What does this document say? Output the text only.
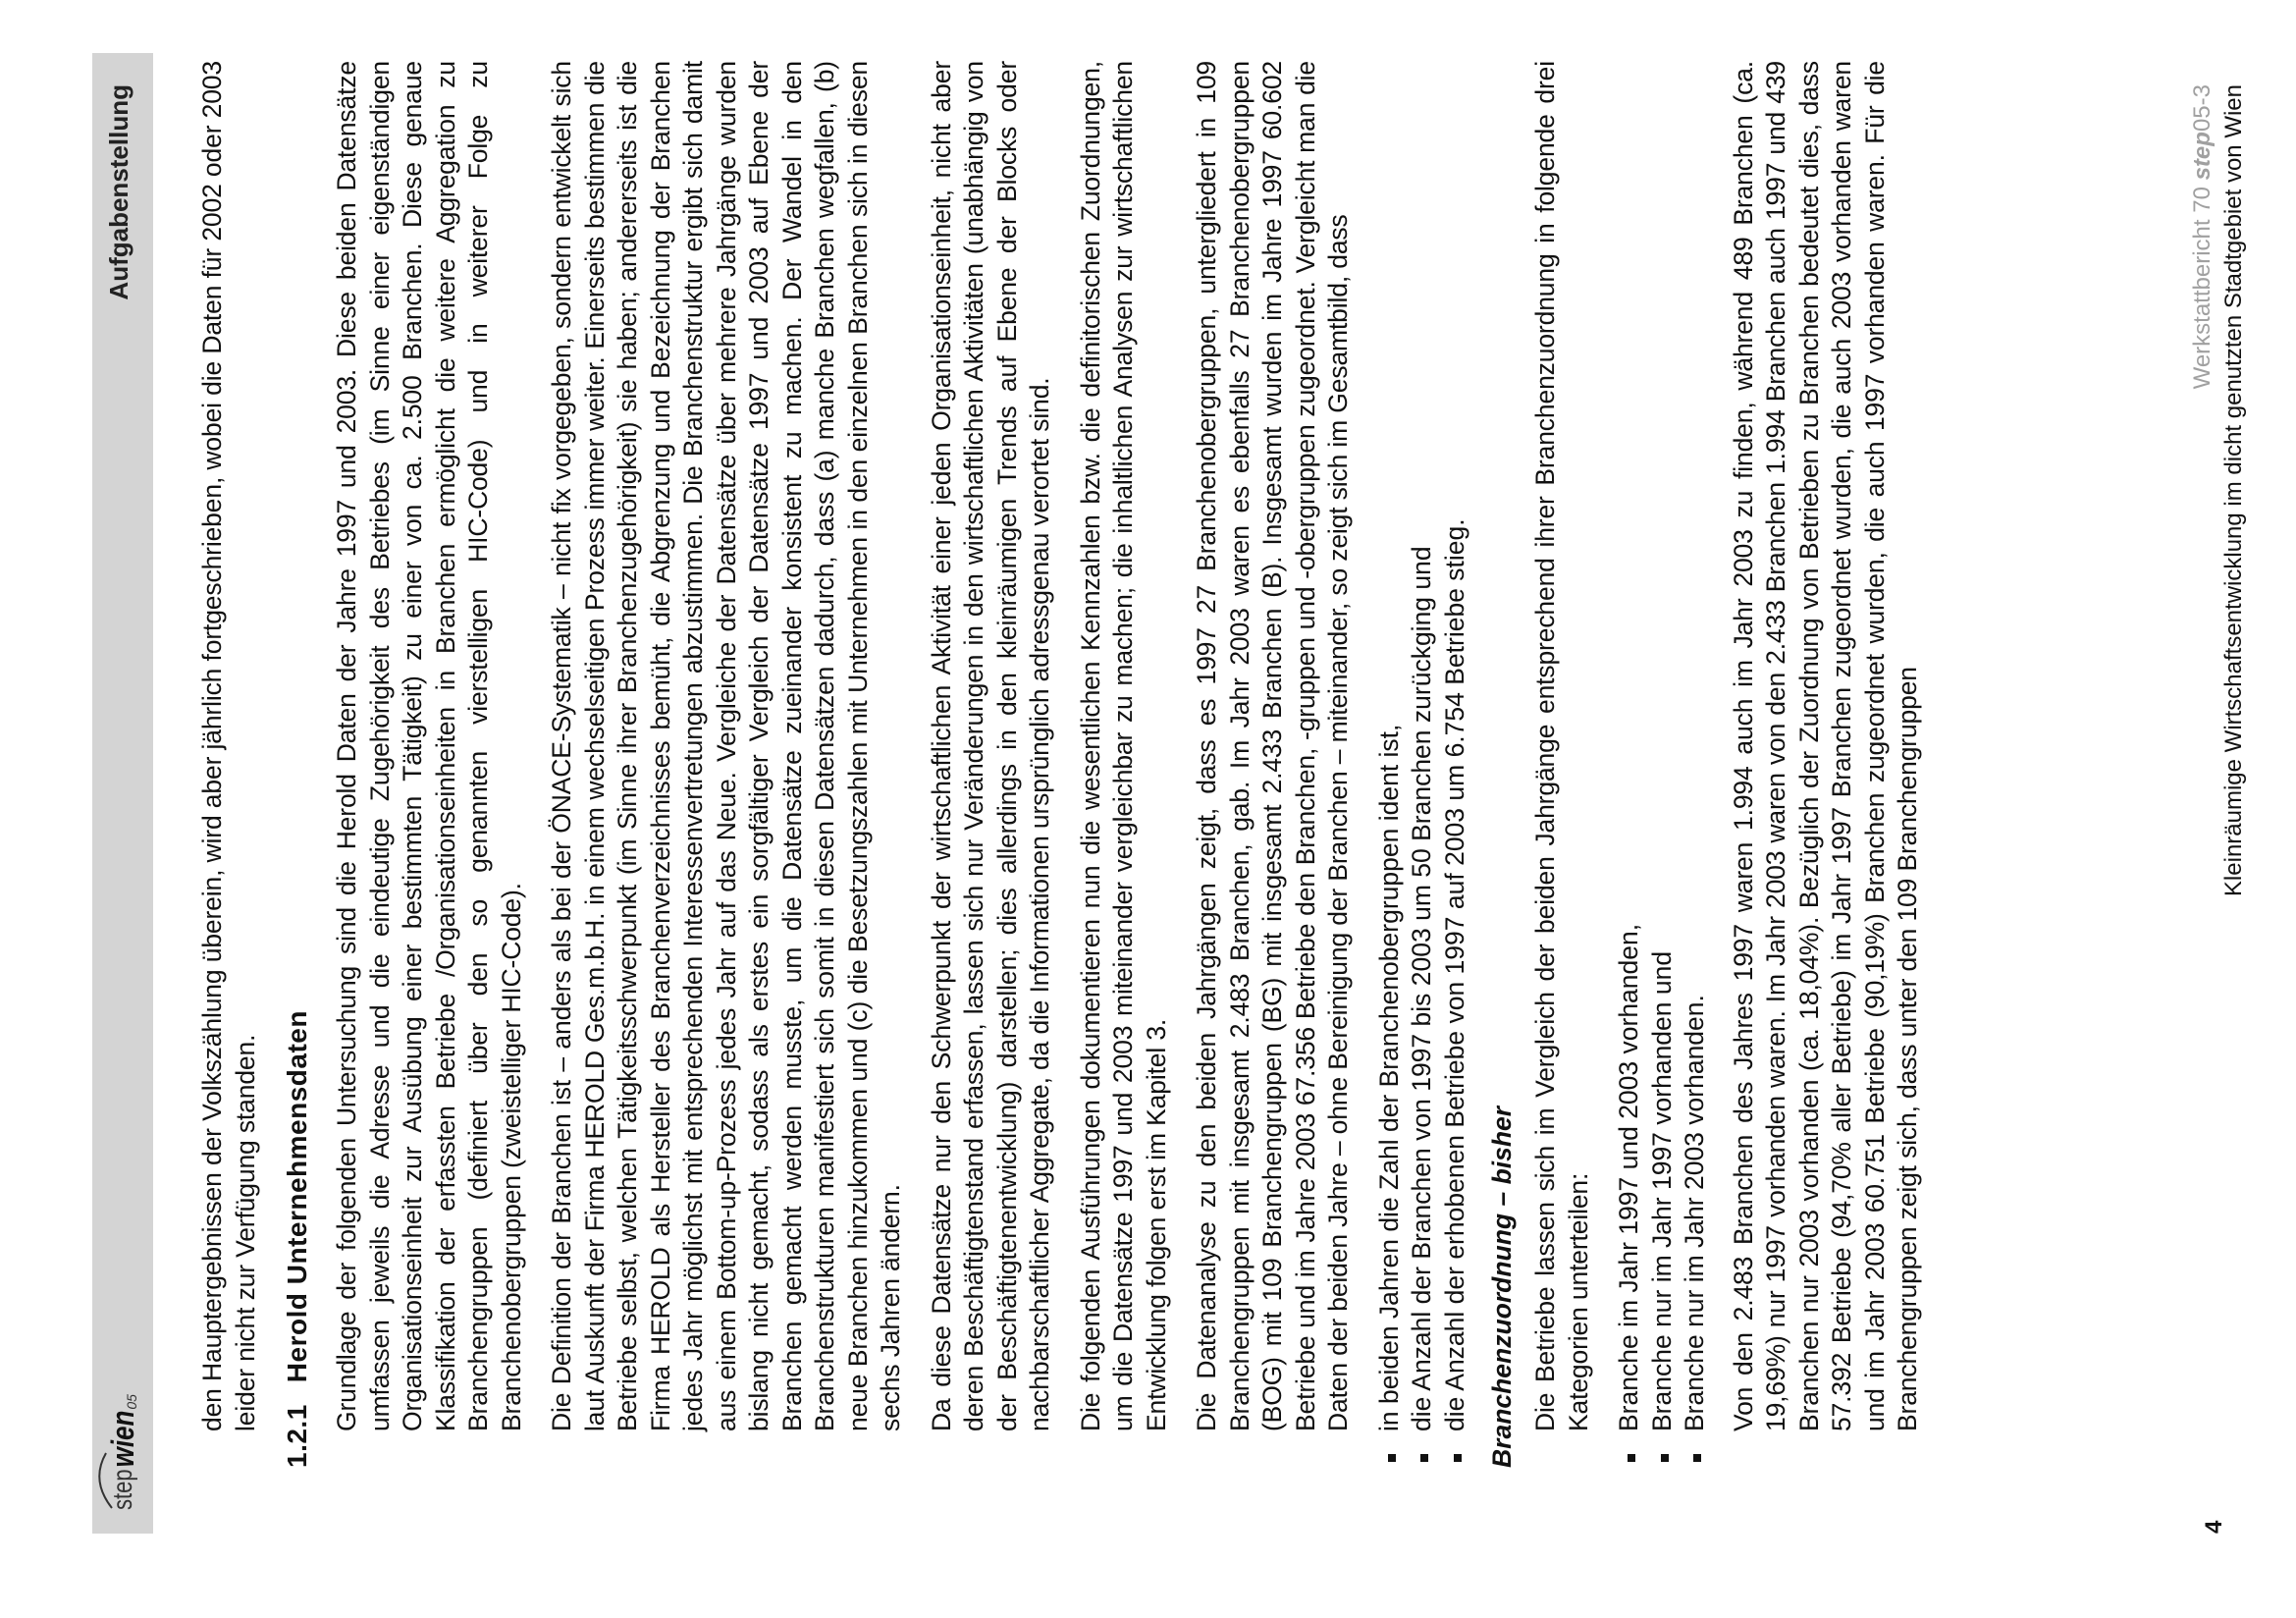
step
wien
05
Aufgabenstellung den Hauptergebnissen der Volkszählung überein, wird aber jährlich fortgeschrieben, wobei die Daten für 2002 oder 2003 leider nicht zur Verfügung standen.

1.2.1Herold Unternehmensdaten Grundlage der folgenden Untersuchung sind die Herold Daten der Jahre 1997 und 2003. Diese beiden Datensätze umfassen jeweils die Adresse und die eindeutige Zugehörigkeit des Betriebes (im Sinne einer eigenständigen Organisationseinheit zur Ausübung einer bestimmten Tätigkeit) zu einer von ca. 2.500 Branchen. Diese genaue Klassifikation der erfassten Betriebe /Organisationseinheiten in Branchen ermöglicht die weitere Aggregation zu Branchengruppen (definiert über den so genannten vierstelligen HIC-Code) und in weiterer Folge zu Branchenobergruppen (zweistelliger HIC-Code). Die Definition der Branchen ist – anders als bei der ÖNACE-Systematik – nicht fix vorgegeben, sondern entwickelt sich laut Auskunft der Firma HEROLD Ges.m.b.H. in einem wechselseitigen Prozess immer weiter. Einerseits bestimmen die Betriebe selbst, welchen Tätigkeitsschwerpunkt (im Sinne ihrer Branchenzugehörigkeit) sie haben; andererseits ist die Firma HEROLD als Hersteller des Branchenverzeichnisses bemüht, die Abgrenzung und Bezeichnung der Branchen jedes Jahr möglichst mit entsprechenden Interessenvertretungen abzustimmen. Die Branchenstruktur ergibt sich damit aus einem Bottom-up-Prozess jedes Jahr auf das Neue. Vergleiche der Datensätze über mehrere Jahrgänge wurden bislang nicht gemacht, sodass als erstes ein sorgfältiger Vergleich der Datensätze 1997 und 2003 auf Ebene der Branchen gemacht werden musste, um die Datensätze zueinander konsistent zu machen. Der Wandel in den Branchenstrukturen manifestiert sich somit in diesen Datensätzen dadurch, dass (a) manche Branchen wegfallen, (b) neue Branchen hinzukommen und (c) die Besetzungszahlen mit Unternehmen in den einzelnen Branchen sich in diesen sechs Jahren ändern. Da diese Datensätze nur den Schwerpunkt der wirtschaftlichen Aktivität einer jeden Organisationseinheit, nicht aber deren Beschäftigtenstand erfassen, lassen sich nur Veränderungen in den wirtschaftlichen Aktivitäten (unabhängig von der Beschäftigtenentwicklung) darstellen; dies allerdings in den kleinräumigen Trends auf Ebene der Blocks oder nachbarschaftlicher Aggregate, da die Informationen ursprünglich adressgenau verortet sind. Die folgenden Ausführungen dokumentieren nun die wesentlichen Kennzahlen bzw. die definitorischen Zuordnungen, um die Datensätze 1997 und 2003 miteinander vergleichbar zu machen; die inhaltlichen Analysen zur wirtschaftlichen Entwicklung folgen erst im Kapitel 3. Die Datenanalyse zu den beiden Jahrgängen zeigt, dass es 1997 27 Branchenobergruppen, untergliedert in 109 Branchengruppen mit insgesamt 2.483 Branchen, gab. Im Jahr 2003 waren es ebenfalls 27 Branchenobergruppen (BOG) mit 109 Branchengruppen (BG) mit insgesamt 2.433 Branchen (B). Insgesamt wurden im Jahre 1997 60.602 Betriebe und im Jahre 2003 67.356 Betriebe den Branchen, -gruppen und -obergruppen zugeordnet. Vergleicht man die Daten der beiden Jahre – ohne Bereinigung der Branchen – miteinander, so zeigt sich im Gesamtbild, dass in beiden Jahren die Zahl der Branchenobergruppen ident ist, die Anzahl der Branchen von 1997 bis 2003 um 50 Branchen zurückging und die Anzahl der erhobenen Betriebe von 1997 auf 2003 um 6.754 Betriebe stieg. Branchenzuordnung – bisher Die Betriebe lassen sich im Vergleich der beiden Jahrgänge entsprechend ihrer Branchenzuordnung in folgende drei Kategorien unterteilen: Branche im Jahr 1997 und 2003 vorhanden, Branche nur im Jahr 1997 vorhanden und Branche nur im Jahr 2003 vorhanden. Von den 2.483 Branchen des Jahres 1997 waren 1.994 auch im Jahr 2003 zu finden, während 489 Branchen (ca. 19,69%) nur 1997 vorhanden waren. Im Jahr 2003 waren von den 2.433 Branchen 1.994 Branchen auch 1997 und 439 Branchen nur 2003 vorhanden (ca. 18,04%). Bezüglich der Zuordnung von Betrieben zu Branchen bedeutet dies, dass 57.392 Betriebe (94,70% aller Betriebe) im Jahr 1997 Branchen zugeordnet wurden, die auch 2003 vorhanden waren und im Jahr 2003 60.751 Betriebe (90,19%) Branchen zugeordnet wurden, die auch 1997 vorhanden waren. Für die Branchengruppen zeigt sich, dass unter den 109 Branchengruppen

4
Werkstattbericht 70 step05-3 Kleinräumige Wirtschaftsentwicklung im dicht genutzten Stadtgebiet von Wien
